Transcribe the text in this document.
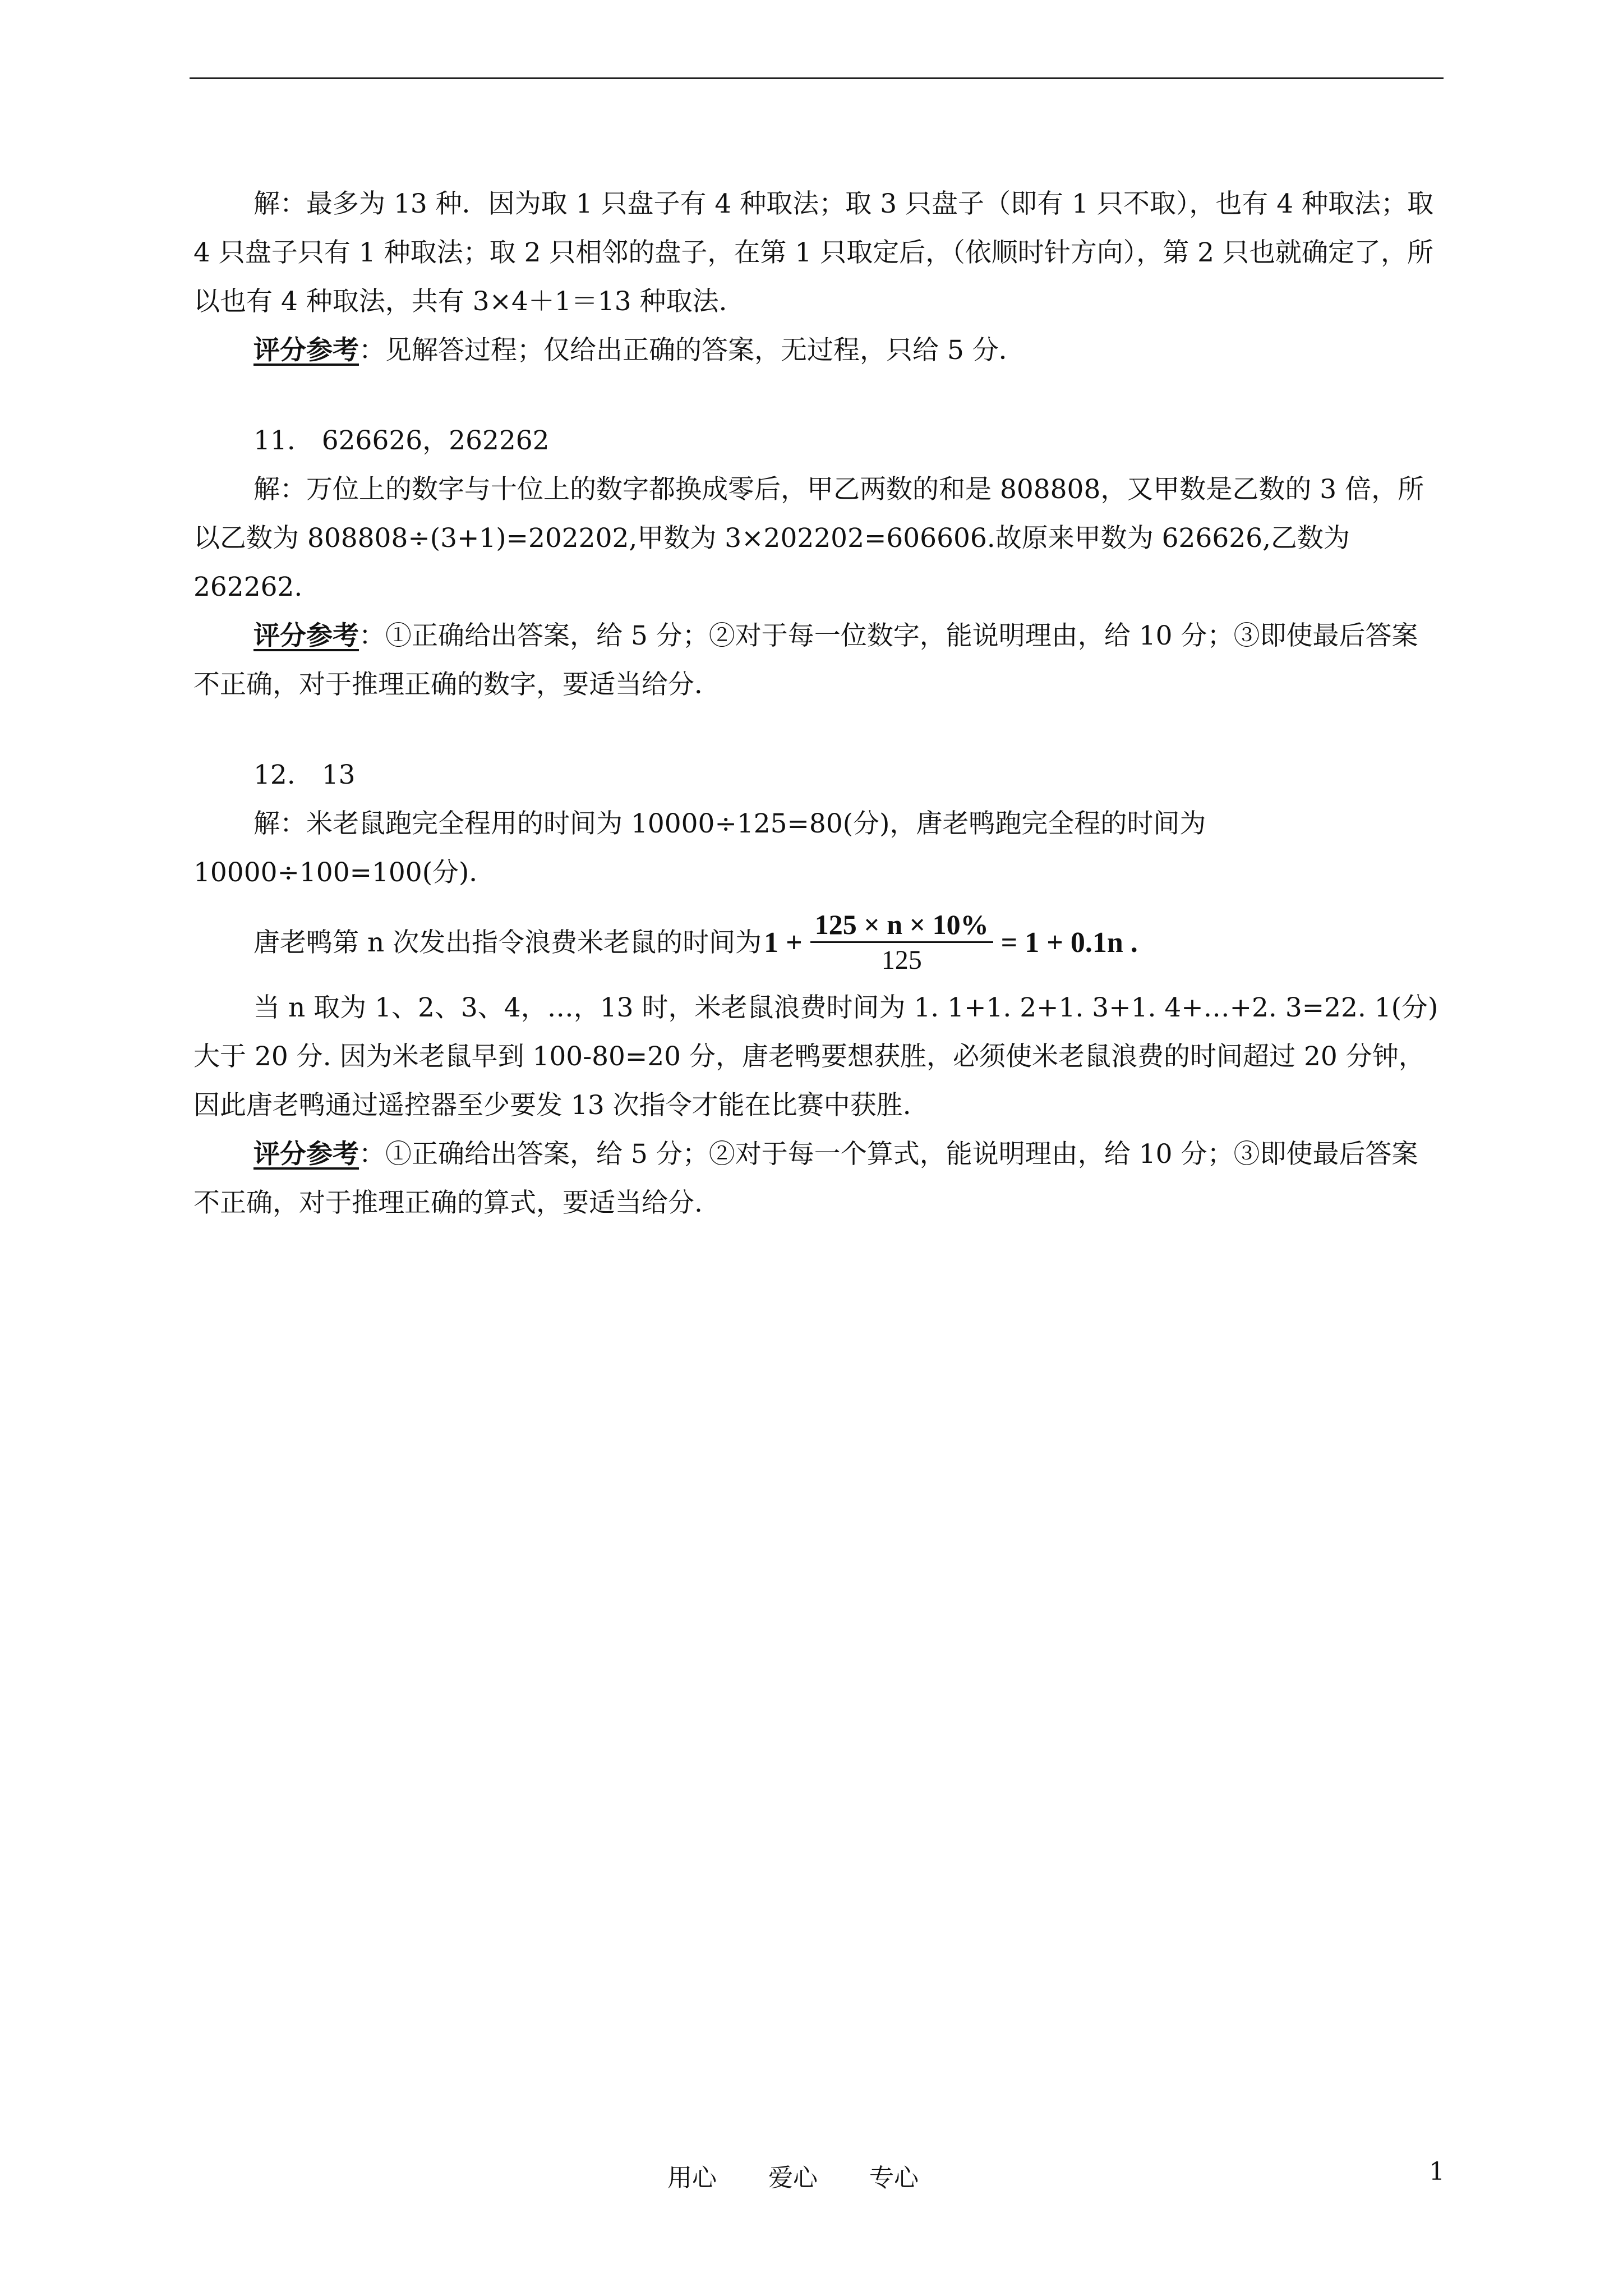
解：最多为 13 种．因为取 1 只盘子有 4 种取法；取 3 只盘子（即有 1 只不取），也有 4 种取法；取 4 只盘子只有 1 种取法；取 2 只相邻的盘子，在第 1 只取定后，（依顺时针方向），第 2 只也就确定了，所以也有 4 种取法，共有 3×4＋1＝13 种取法.

评分参考：见解答过程；仅给出正确的答案，无过程，只给 5 分．

11.　626626，262262

解：万位上的数字与十位上的数字都换成零后，甲乙两数的和是 808808，又甲数是乙数的 3 倍，所以乙数为 808808÷(3+1)=202202,甲数为 3×202202=606606.故原来甲数为 626626,乙数为 262262.

评分参考：①正确给出答案，给 5 分；②对于每一位数字，能说明理由，给 10 分；③即使最后答案不正确，对于推理正确的数字，要适当给分．

12.　13

解：米老鼠跑完全程用的时间为 10000÷125=80(分)，唐老鸭跑完全程的时间为 10000÷100=100(分)．

唐老鸭第 n 次发出指令浪费米老鼠的时间为 $1 + \frac{125 \times n \times 10\%}{125} = 1 + 0.1n$ .

当 n 取为 1、2、3、4，…，13 时，米老鼠浪费时间为 1. 1+1. 2+1. 3+1. 4+…+2. 3=22. 1(分)大于 20 分. 因为米老鼠早到 100-80=20 分，唐老鸭要想获胜，必须使米老鼠浪费的时间超过 20 分钟，因此唐老鸭通过遥控器至少要发 13 次指令才能在比赛中获胜.

评分参考：①正确给出答案，给 5 分；②对于每一个算式，能说明理由，给 10 分；③即使最后答案不正确，对于推理正确的算式，要适当给分.

用心 爱心 专心	1
